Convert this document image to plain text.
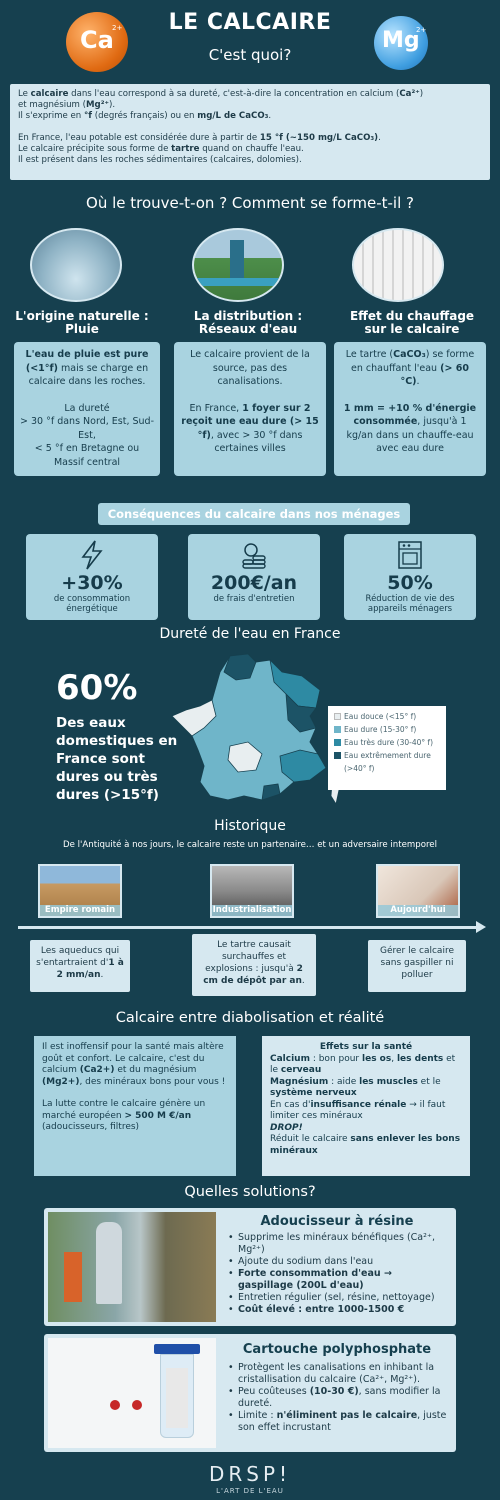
Ca
2+	LE CALCAIRE
C'est quoi?
Mg
2+
Le calcaire dans l'eau correspond à sa dureté, c'est-à-dire la concentration en calcium (Ca²⁺)
et magnésium (Mg²⁺).
Il s'exprime en °f (degrés français) ou en mg/L de CaCO₃.
En France, l'eau potable est considérée dure à partir de 15 °f (~150 mg/L CaCO₃).
Le calcaire précipite sous forme de tartre quand on chauffe l'eau.
Il est présent dans les roches sédimentaires (calcaires, dolomies).
Où le trouve-t-on ? Comment se forme-t-il ?
L'origine naturelle :
Pluie
La distribution :
Réseaux d'eau
Effet du chauffage
sur le calcaire
L'eau de pluie est pure (<1°f) mais se charge en calcaire dans les roches.
La dureté
> 30 °f dans Nord, Est, Sud-Est,
< 5 °f en Bretagne ou Massif central
Le calcaire provient de la source, pas des canalisations.
En France, 1 foyer sur 2 reçoit une eau dure (> 15 °f), avec > 30 °f dans certaines villes
Le tartre (CaCO₃) se forme en chauffant l'eau (> 60 °C).
1 mm = +10 % d'énergie consommée, jusqu'à 1 kg/an dans un chauffe-eau avec eau dure
Conséquences du calcaire dans nos ménages
+30%
de consommation énergétique
200€/an
de frais d'entretien
50%
Réduction de vie des appareils ménagers
Dureté de l'eau en France
60%
Des eaux domestiques en France sont dures ou très dures (>15°f)
Eau douce (<15° f)
Eau dure (15-30° f)
Eau très dure (30-40° f)
Eau extrêmement dure (>40° f)
Historique
De l'Antiquité à nos jours, le calcaire reste un partenaire… et un adversaire intemporel
Empire romain	Industrialisation	Aujourd'hui
Les aqueducs qui s'entartraient d'1 à 2 mm/an.
Le tartre causait surchauffes et explosions : jusqu'à 2 cm de dépôt par an.
Gérer le calcaire sans gaspiller ni polluer
Calcaire entre diabolisation et réalité
Il est inoffensif pour la santé mais altère goût et confort. Le calcaire, c'est du calcium (Ca2+) et du magnésium (Mg2+), des minéraux bons pour vous !
La lutte contre le calcaire génère un marché européen > 500 M €/an (adoucisseurs, filtres)
Effets sur la santé
Calcium : bon pour les os, les dents et le cerveau
Magnésium : aide les muscles et le système nerveux
En cas d'insuffisance rénale → il faut limiter ces minéraux
DROP!
Réduit le calcaire sans enlever les bons minéraux
Quelles solutions?
Adoucisseur à résine
• Supprime les minéraux bénéfiques (Ca²⁺, Mg²⁺)
• Ajoute du sodium dans l'eau
• Forte consommation d'eau → gaspillage (200L d'eau)
• Entretien régulier (sel, résine, nettoyage)
• Coût élevé : entre 1000-1500 €
Cartouche polyphosphate
• Protègent les canalisations en inhibant la cristallisation du calcaire (Ca²⁺, Mg²⁺).
• Peu coûteuses (10-30 €), sans modifier la dureté.
• Limite : n'éliminent pas le calcaire, juste son effet incrustant
DRSP!
L'ART DE L'EAU
